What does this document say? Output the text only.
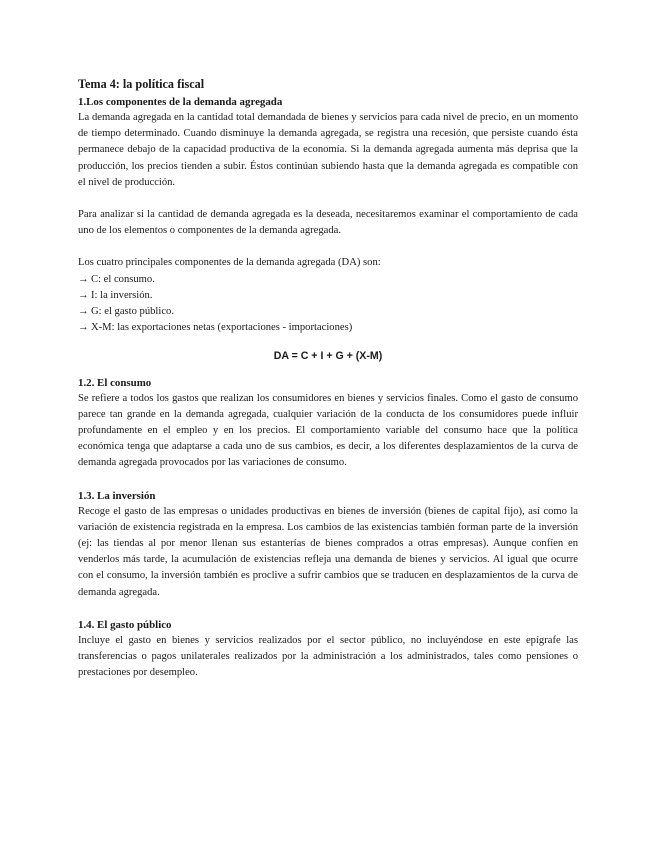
Tema 4: la política fiscal
1.Los componentes de la demanda agregada

La demanda agregada en la cantidad total demandada de bienes y servicios para cada nivel de precio, en un momento de tiempo determinado. Cuando disminuye la demanda agregada, se registra una recesión, que persiste cuando ésta permanece debajo de la capacidad productiva de la economía. Si la demanda agregada aumenta más deprisa que la producción, los precios tienden a subir. Éstos continúan subiendo hasta que la demanda agregada es compatible con el nivel de producción.

Para analizar si la cantidad de demanda agregada es la deseada, necesitaremos examinar el comportamiento de cada uno de los elementos o componentes de la demanda agregada.

Los cuatro principales componentes de la demanda agregada (DA) son:

→ C: el consumo.
→ I: la inversión.
→ G: el gasto público.
→ X-M: las exportaciones netas (exportaciones - importaciones)
DA = C + I + G + (X-M)
1.2. El consumo

Se refiere a todos los gastos que realizan los consumidores en bienes y servicios finales. Como el gasto de consumo parece tan grande en la demanda agregada, cualquier variación de la conducta de los consumidores puede influir profundamente en el empleo y en los precios. El comportamiento variable del consumo hace que la política económica tenga que adaptarse a cada uno de sus cambios, es decir, a los diferentes desplazamientos de la curva de demanda agregada provocados por las variaciones de consumo.

1.3. La inversión

Recoge el gasto de las empresas o unidades productivas en bienes de inversión (bienes de capital fijo), así como la variación de existencia registrada en la empresa. Los cambios de las existencias también forman parte de la inversión (ej: las tiendas al por menor llenan sus estanterías de bienes comprados a otras empresas). Aunque confíen en venderlos más tarde, la acumulación de existencias refleja una demanda de bienes y servicios. Al igual que ocurre con el consumo, la inversión también es proclive a sufrir cambios que se traducen en desplazamientos de la curva de demanda agregada.

1.4. El gasto público

Incluye el gasto en bienes y servicios realizados por el sector público, no incluyéndose en este epígrafe las transferencias o pagos unilaterales realizados por la administración a los administrados, tales como pensiones o prestaciones por desempleo.
